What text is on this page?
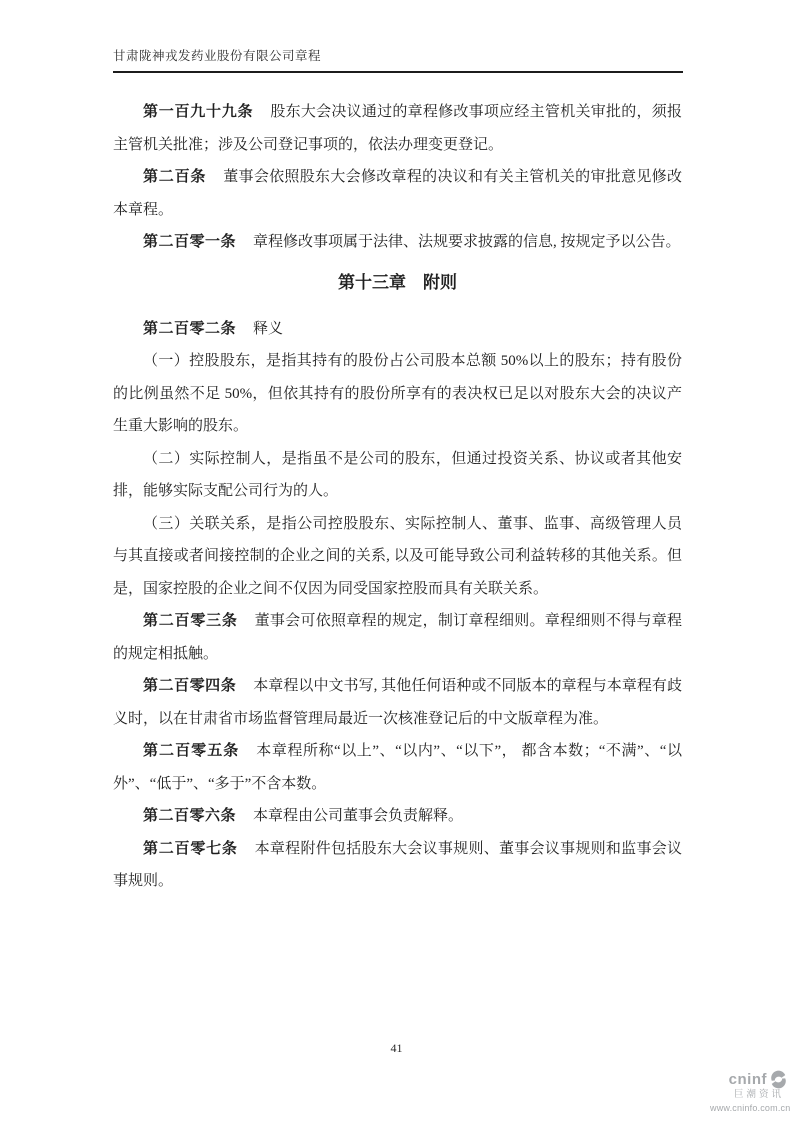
甘肃陇神戎发药业股份有限公司章程

第一百九十九条 股东大会决议通过的章程修改事项应经主管机关审批的，须报主管机关批准；涉及公司登记事项的，依法办理变更登记。

第二百条 董事会依照股东大会修改章程的决议和有关主管机关的审批意见修改本章程。

第二百零一条 章程修改事项属于法律、法规要求披露的信息, 按规定予以公告。

第十三章　附则

第二百零二条 释义

（一）控股股东，是指其持有的股份占公司股本总额 50%以上的股东；持有股份的比例虽然不足 50%，但依其持有的股份所享有的表决权已足以对股东大会的决议产生重大影响的股东。

（二）实际控制人，是指虽不是公司的股东，但通过投资关系、协议或者其他安排，能够实际支配公司行为的人。

（三）关联关系，是指公司控股股东、实际控制人、董事、监事、高级管理人员与其直接或者间接控制的企业之间的关系, 以及可能导致公司利益转移的其他关系。但是，国家控股的企业之间不仅因为同受国家控股而具有关联关系。

第二百零三条 董事会可依照章程的规定，制订章程细则。章程细则不得与章程的规定相抵触。

第二百零四条 本章程以中文书写, 其他任何语种或不同版本的章程与本章程有歧义时，以在甘肃省市场监督管理局最近一次核准登记后的中文版章程为准。

第二百零五条 本章程所称“以上”、“以内”、“以下”， 都含本数；“不满”、“以外”、“低于”、“多于”不含本数。

第二百零六条 本章程由公司董事会负责解释。

第二百零七条 本章程附件包括股东大会议事规则、董事会议事规则和监事会议事规则。

41
cninf
巨潮资讯
www.cninfo.com.cn
